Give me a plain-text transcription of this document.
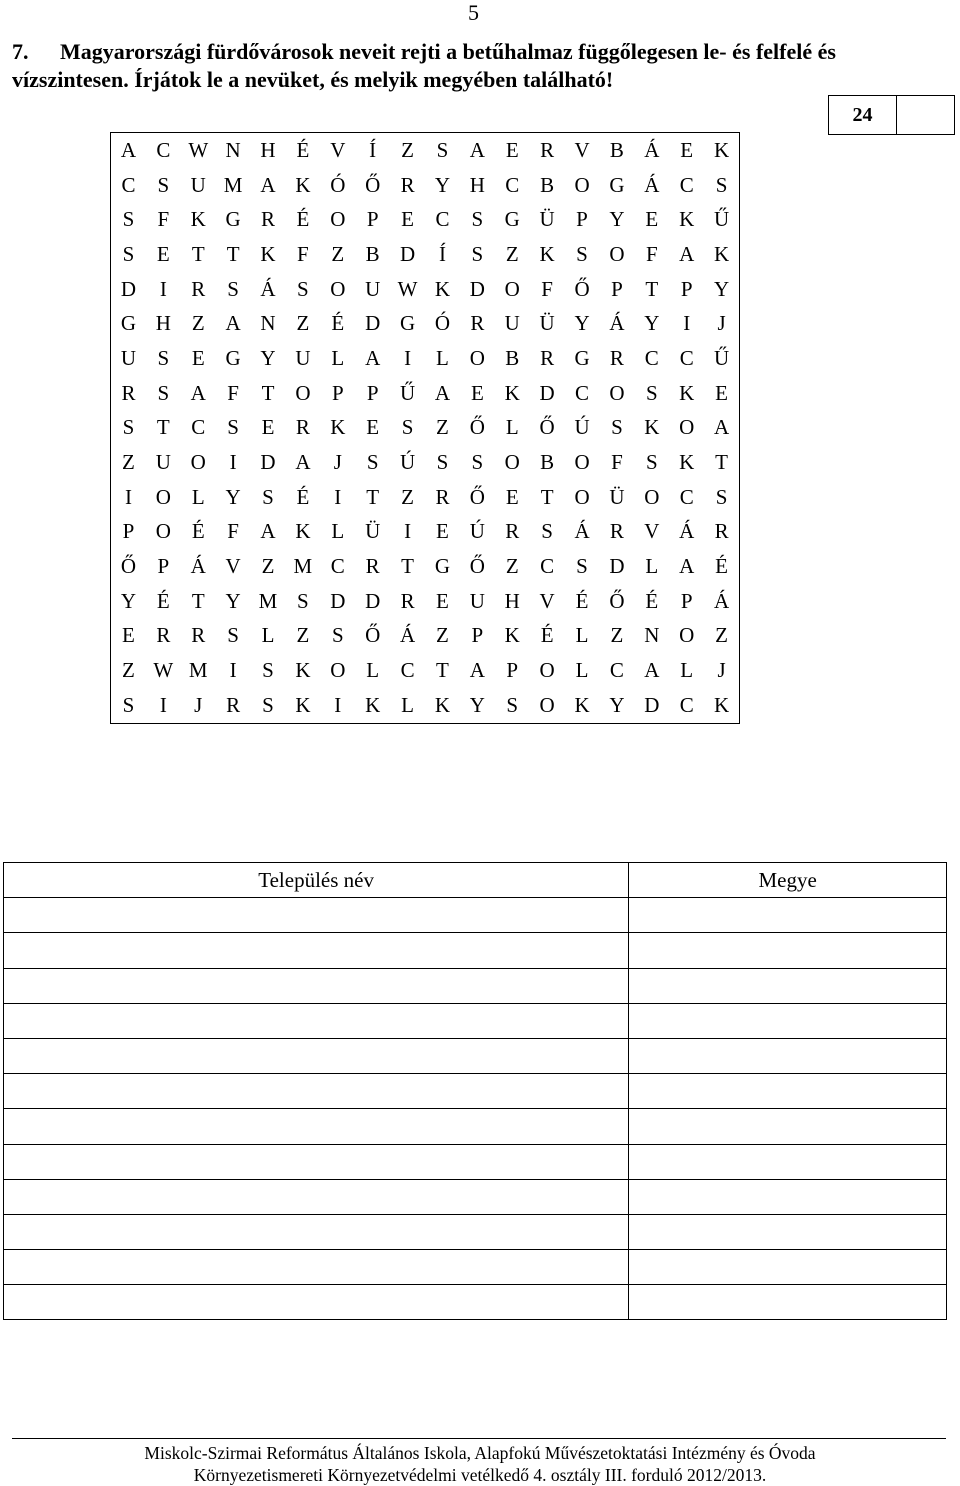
5
7. Magyarországi fürdővárosok neveit rejti a betűhalmaz függőlegesen le- és felfelé és vízszintesen. Írjátok le a nevüket, és melyik megyében található!
24
A	C	W	N	H	É	V	Í	Z	S	A	E	R	V	B	Á	E	K
C	S	U	M	A	K	Ó	Ő	R	Y	H	C	B	O	G	Á	C	S
S	F	K	G	R	É	O	P	E	C	S	G	Ü	P	Y	E	K	Ű
S	E	T	T	K	F	Z	B	D	Í	S	Z	K	S	O	F	A	K
D	I	R	S	Á	S	O	U	W	K	D	O	F	Ő	P	T	P	Y
G	H	Z	A	N	Z	É	D	G	Ó	R	U	Ü	Y	Á	Y	I	J
U	S	E	G	Y	U	L	A	I	L	O	B	R	G	R	C	C	Ű
R	S	A	F	T	O	P	P	Ű	A	E	K	D	C	O	S	K	E
S	T	C	S	E	R	K	E	S	Z	Ő	L	Ő	Ú	S	K	O	A
Z	U	O	I	D	A	J	S	Ú	S	S	O	B	O	F	S	K	T
I	O	L	Y	S	É	I	T	Z	R	Ő	E	T	O	Ü	O	C	S
P	O	É	F	A	K	L	Ü	I	E	Ú	R	S	Á	R	V	Á	R
Ő	P	Á	V	Z	M	C	R	T	G	Ő	Z	C	S	D	L	A	É
Y	É	T	Y	M	S	D	D	R	E	U	H	V	É	Ő	É	P	Á
E	R	R	S	L	Z	S	Ő	Á	Z	P	K	É	L	Z	N	O	Z
Z	W	M	I	S	K	O	L	C	T	A	P	O	L	C	A	L	J
S	I	J	R	S	K	I	K	L	K	Y	S	O	K	Y	D	C	K
Település név	Megye

Miskolc-Szirmai Református Általános Iskola, Alapfokú Művészetoktatási Intézmény és Óvoda
Környezetismereti Környezetvédelmi vetélkedő 4. osztály III. forduló 2012/2013.
